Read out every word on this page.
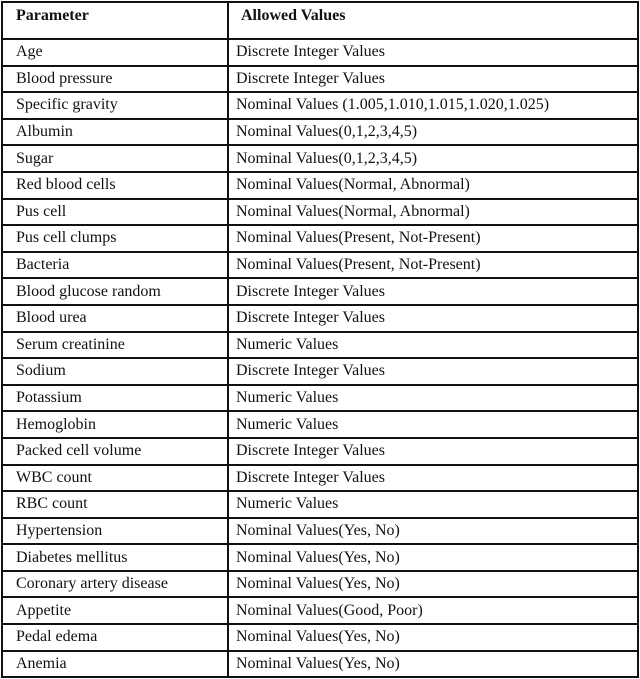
Parameter	Allowed Values
Age	Discrete Integer Values
Blood pressure	Discrete Integer Values
Specific gravity	Nominal Values (1.005,1.010,1.015,1.020,1.025)
Albumin	Nominal Values(0,1,2,3,4,5)
Sugar	Nominal Values(0,1,2,3,4,5)
Red blood cells	Nominal Values(Normal, Abnormal)
Pus cell	Nominal Values(Normal, Abnormal)
Pus cell clumps	Nominal Values(Present, Not-Present)
Bacteria	Nominal Values(Present, Not-Present)
Blood glucose random	Discrete Integer Values
Blood urea	Discrete Integer Values
Serum creatinine	Numeric Values
Sodium	Discrete Integer Values
Potassium	Numeric Values
Hemoglobin	Numeric Values
Packed cell volume	Discrete Integer Values
WBC count	Discrete Integer Values
RBC count	Numeric Values
Hypertension	Nominal Values(Yes, No)
Diabetes mellitus	Nominal Values(Yes, No)
Coronary artery disease	Nominal Values(Yes, No)
Appetite	Nominal Values(Good, Poor)
Pedal edema	Nominal Values(Yes, No)
Anemia	Nominal Values(Yes, No)
